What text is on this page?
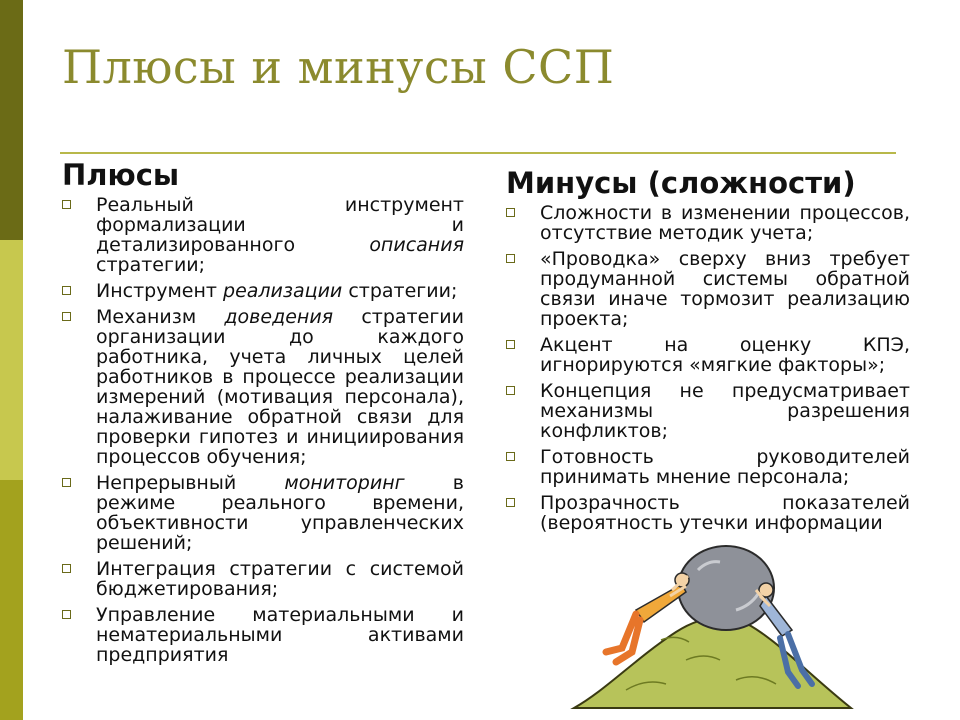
Плюсы и минусы ССП
Плюсы
Реальный инструмент формализации и детализированного описания стратегии;
Инструмент реализации стратегии;
Механизм доведения стратегии организации до каждого работника, учета личных целей работников в процессе реализации измерений (мотивация персонала), налаживание обратной связи для проверки гипотез и инициирования процессов обучения;
Непрерывный мониторинг в режиме реального времени, объективности управленческих решений;
Интеграция стратегии с системой бюджетирования;
Управление материальными и нематериальными активами предприятия
Минусы (сложности)
Сложности в изменении процессов, отсутствие методик учета;
«Проводка» сверху вниз требует продуманной системы обратной связи иначе тормозит реализацию проекта;
Акцент на оценку КПЭ, игнорируются «мягкие факторы»;
Концепция не предусматривает механизмы разрешения конфликтов;
Готовность руководителей принимать мнение персонала;
Прозрачность показателей (вероятность утечки информации
